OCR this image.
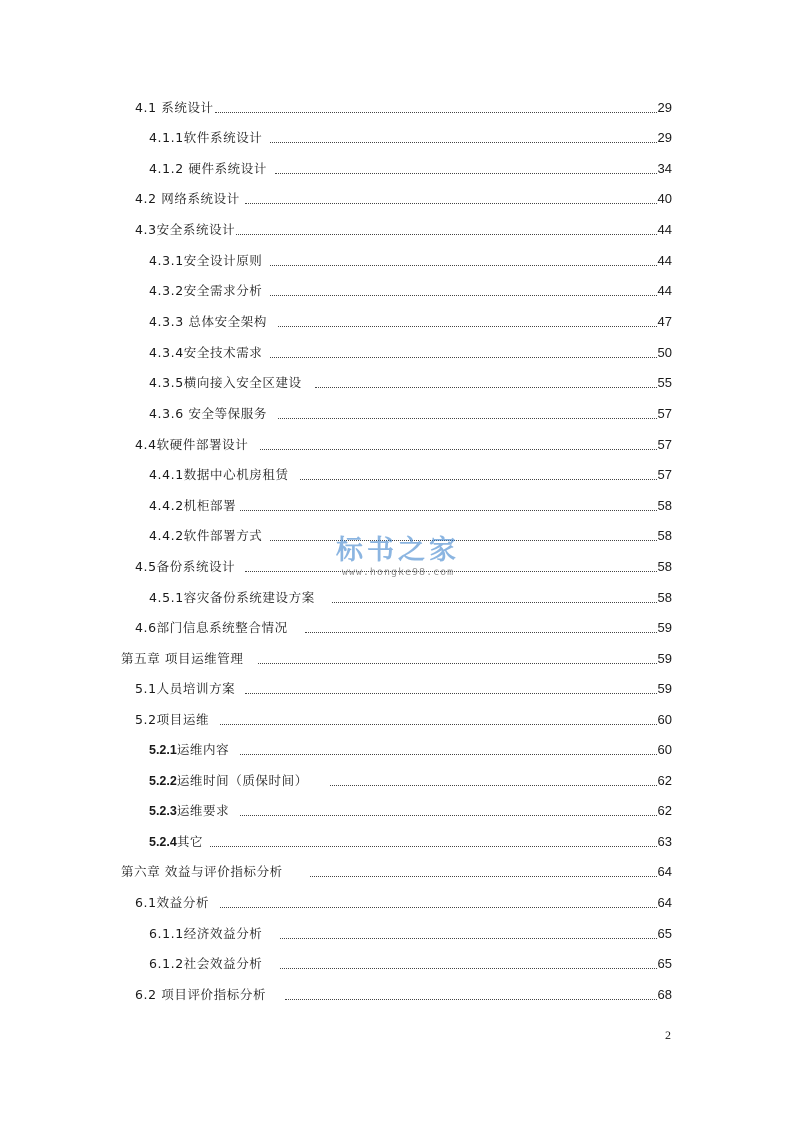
4.1 系统设计	29
4.1.1软件系统设计	29
4.1.2 硬件系统设计	34
4.2 网络系统设计	40
4.3安全系统设计	44
4.3.1安全设计原则	44
4.3.2安全需求分析	44
4.3.3 总体安全架构	47
4.3.4安全技术需求	50
4.3.5横向接入安全区建设	55
4.3.6 安全等保服务	57
4.4软硬件部署设计	57
4.4.1数据中心机房租赁	57
4.4.2机柜部署	58
4.4.2软件部署方式	58
4.5备份系统设计	58
4.5.1容灾备份系统建设方案	58
4.6部门信息系统整合情况	59
第五章 项目运维管理	59
5.1人员培训方案	59
5.2项目运维	60
5.2.1运维内容	60
5.2.2运维时间（质保时间）	62
5.2.3运维要求	62
5.2.4其它	63
第六章 效益与评价指标分析	64
6.1效益分析	64
6.1.1经济效益分析	65
6.1.2社会效益分析	65
6.2 项目评价指标分析	68
标书之家
www.hongke98.com
2
